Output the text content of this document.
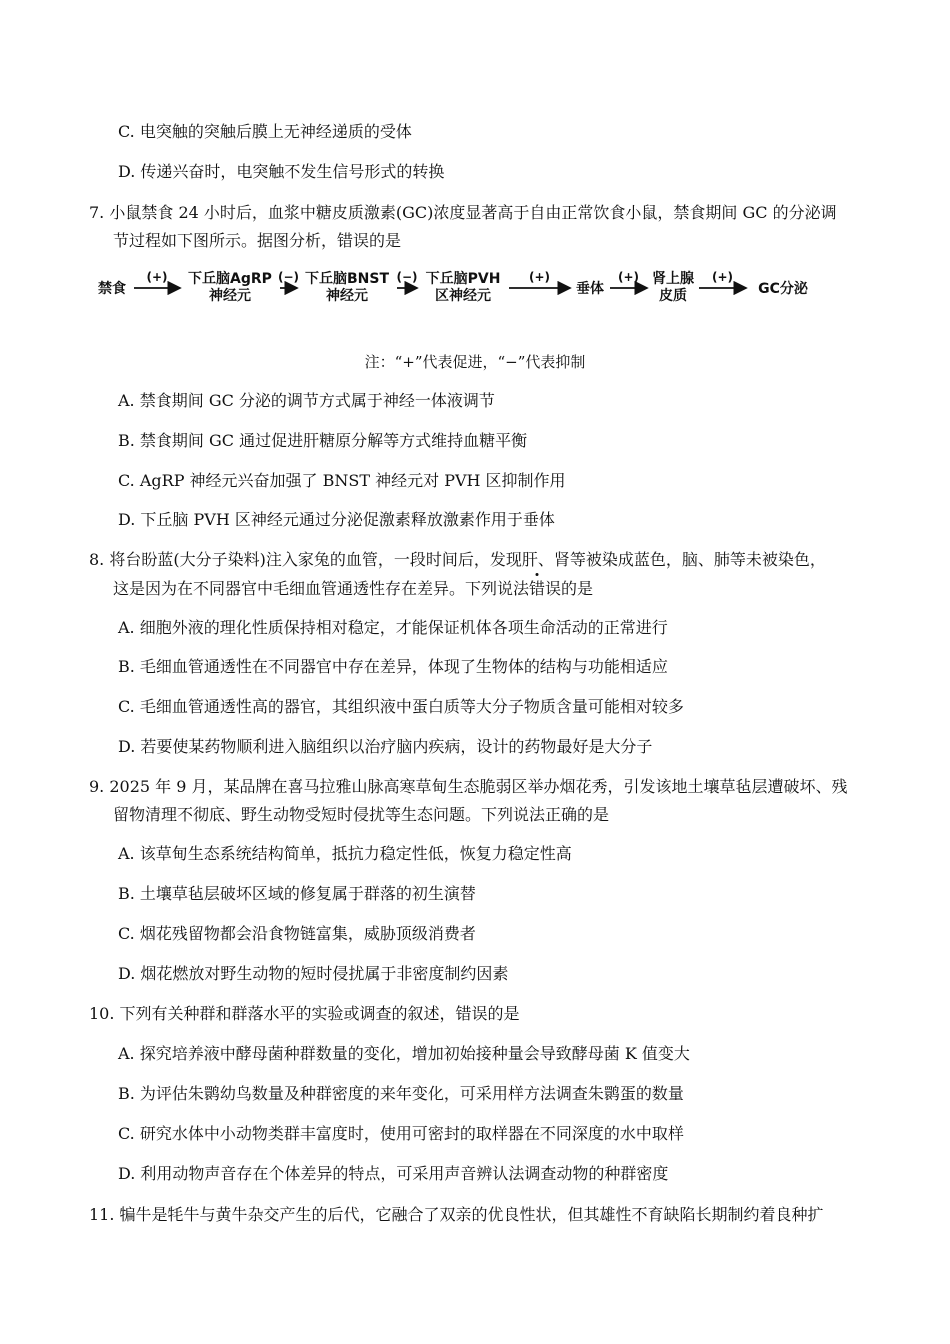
C. 电突触的突触后膜上无神经递质的受体
D. 传递兴奋时，电突触不发生信号形式的转换
7. 小鼠禁食 24 小时后，血浆中糖皮质激素(GC)浓度显著高于自由正常饮食小鼠，禁食期间 GC 的分泌调
节过程如下图所示。据图分析，错误的是
禁食
下丘脑AgRP 神经元
下丘脑BNST 神经元
下丘脑PVH 区神经元	垂体
肾上腺皮质	GC分泌
(+)	(−)	(−)	(+)	(+)	(+)
注：“+”代表促进，“−”代表抑制
A. 禁食期间 GC 分泌的调节方式属于神经一体液调节
B. 禁食期间 GC 通过促进肝糖原分解等方式维持血糖平衡
C. AgRP 神经元兴奋加强了 BNST 神经元对 PVH 区抑制作用
D. 下丘脑 PVH 区神经元通过分泌促激素释放激素作用于垂体
8. 将台盼蓝(大分子染料)注入家兔的血管，一段时间后，发现肝、肾等被染成蓝色，脑、肺等未被染色，
这是因为在不同器官中毛细血管通透性存在差异。下列说法
错误的是
A. 细胞外液的理化性质保持相对稳定，才能保证机体各项生命活动的正常进行
B. 毛细血管通透性在不同器官中存在差异，体现了生物体的结构与功能相适应
C. 毛细血管通透性高的器官，其组织液中蛋白质等大分子物质含量可能相对较多
D. 若要使某药物顺利进入脑组织以治疗脑内疾病，设计的药物最好是大分子
9. 2025 年 9 月，某品牌在喜马拉雅山脉高寒草甸生态脆弱区举办烟花秀，引发该地土壤草毡层遭破坏、残
留物清理不彻底、野生动物受短时侵扰等生态问题。下列说法正确的是
A. 该草甸生态系统结构简单，抵抗力稳定性低，恢复力稳定性高
B. 土壤草毡层破坏区域的修复属于群落的初生演替
C. 烟花残留物都会沿食物链富集，威胁顶级消费者
D. 烟花燃放对野生动物的短时侵扰属于非密度制约因素
10. 下列有关种群和群落水平的实验或调查的叙述，错误的是
A. 探究培养液中酵母菌种群数量的变化，增加初始接种量会导致酵母菌 K 值变大
B. 为评估朱鹮幼鸟数量及种群密度的来年变化，可采用样方法调查朱鹮蛋的数量
C. 研究水体中小动物类群丰富度时，使用可密封的取样器在不同深度的水中取样
D. 利用动物声音存在个体差异的特点，可采用声音辨认法调查动物的种群密度
11. 犏牛是牦牛与黄牛杂交产生的后代，它融合了双亲的优良性状，但其雄性不育缺陷长期制约着良种扩
